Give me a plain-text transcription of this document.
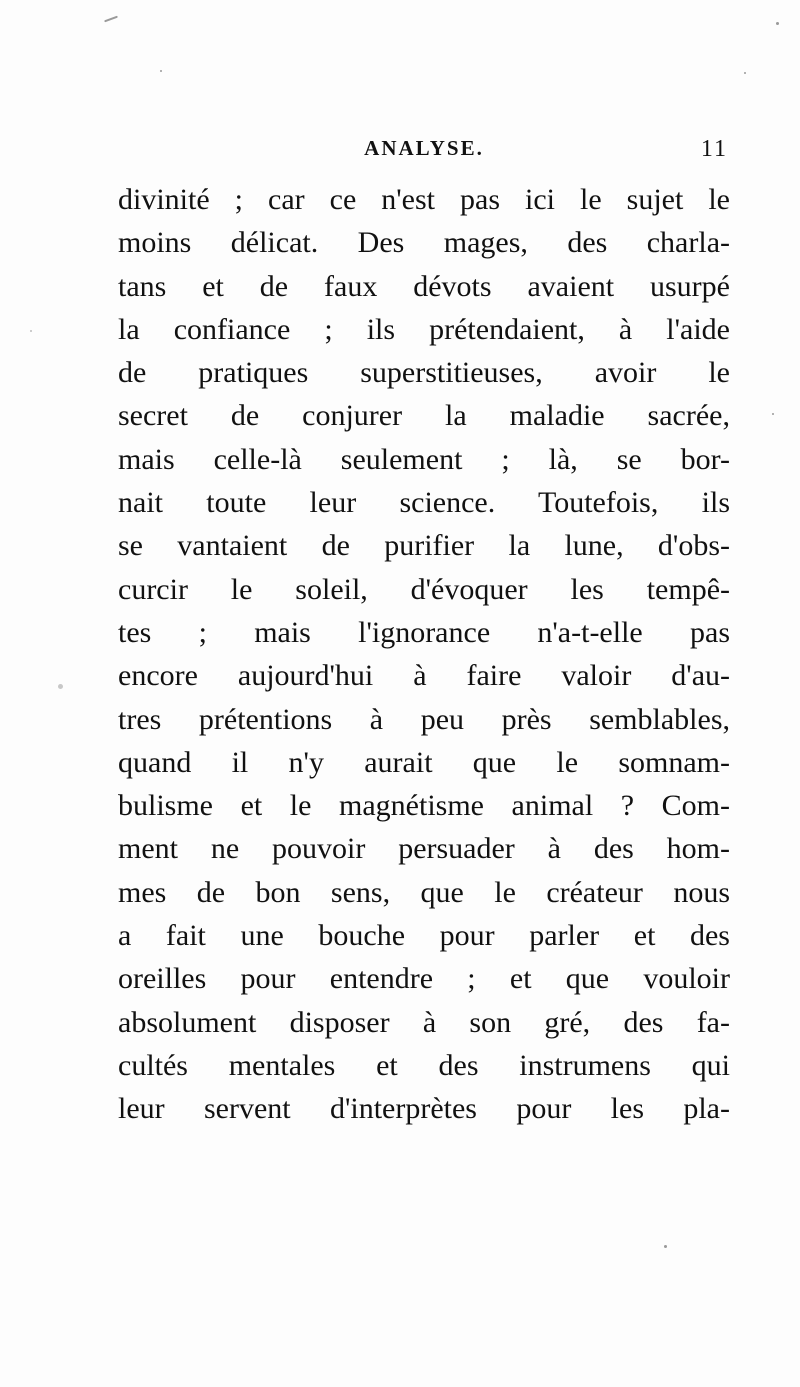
ANALYSE.	11
divinité ; car ce n'est pas ici le sujet le
moins délicat. Des mages, des charla-
tans et de faux dévots avaient usurpé
la confiance ; ils prétendaient, à l'aide
de pratiques superstitieuses, avoir le
secret de conjurer la maladie sacrée,
mais celle-là seulement ; là, se bor-
nait toute leur science. Toutefois, ils
se vantaient de purifier la lune, d'obs-
curcir le soleil, d'évoquer les tempê-
tes ; mais l'ignorance n'a-t-elle pas
encore aujourd'hui à faire valoir d'au-
tres prétentions à peu près semblables,
quand il n'y aurait que le somnam-
bulisme et le magnétisme animal ? Com-
ment ne pouvoir persuader à des hom-
mes de bon sens, que le créateur nous
a fait une bouche pour parler et des
oreilles pour entendre ; et que vouloir
absolument disposer à son gré, des fa-
cultés mentales et des instrumens qui
leur servent d'interprètes pour les pla-
